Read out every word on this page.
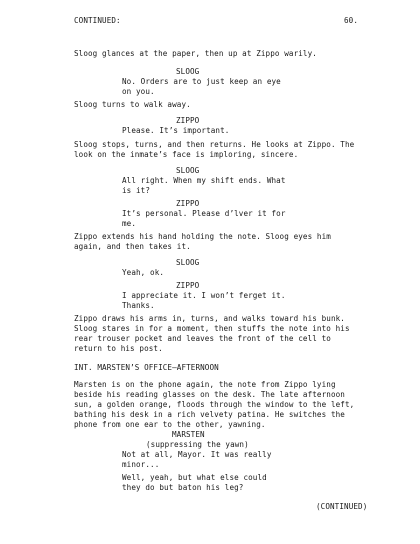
CONTINUED:	60.

Sloog glances at the paper, then up at Zippo warily.

SLOOG

No. Orders are to just keep an eye

on you.

Sloog turns to walk away.

ZIPPO

Please. It’s important.

Sloog stops, turns, and then returns. He looks at Zippo. The

look on the inmate’s face is imploring, sincere.

SLOOG

All right. When my shift ends. What

is it?

ZIPPO

It’s personal. Please d’lver it for

me.

Zippo extends his hand holding the note. Sloog eyes him

again, and then takes it.

SLOOG

Yeah, ok.

ZIPPO

I appreciate it. I won’t ferget it.

Thanks.

Zippo draws his arms in, turns, and walks toward his bunk.

Sloog stares in for a moment, then stuffs the note into his

rear trouser pocket and leaves the front of the cell to

return to his post.

INT. MARSTEN’S OFFICE—AFTERNOON

Marsten is on the phone again, the note from Zippo lying

beside his reading glasses on the desk. The late afternoon

sun, a golden orange, floods through the window to the left,

bathing his desk in a rich velvety patina. He switches the

phone from one ear to the other, yawning.

MARSTEN

(suppressing the yawn)

Not at all, Mayor. It was really

minor...

Well, yeah, but what else could

they do but baton his leg?

(CONTINUED)
